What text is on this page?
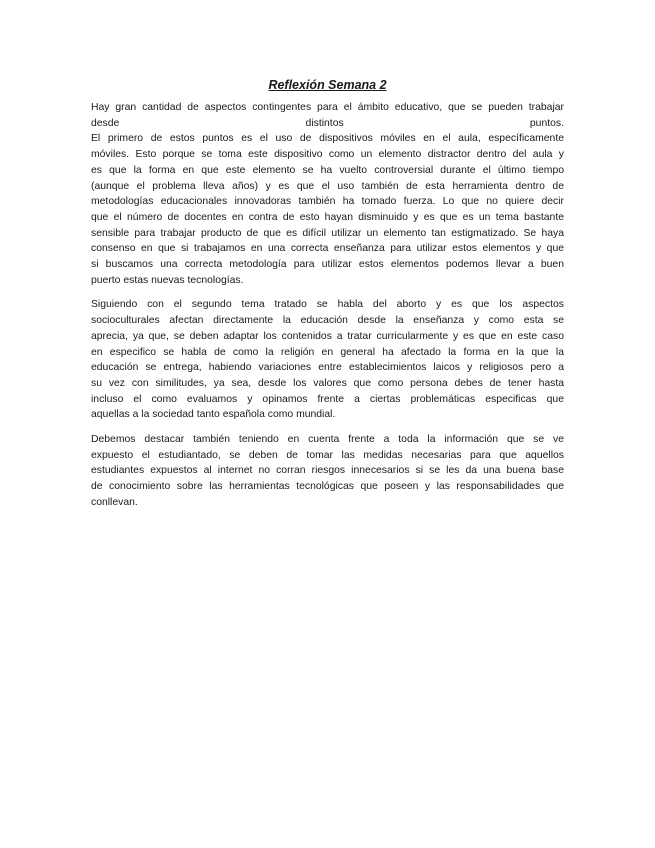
Reflexión Semana 2

Hay gran cantidad de aspectos contingentes para el ámbito educativo, que se pueden trabajar
desde distintos puntos.
El primero de estos puntos es el uso de dispositivos móviles en el aula, específicamente
móviles. Esto porque se toma este dispositivo como un elemento distractor dentro del aula y
es que la forma en que este elemento se ha vuelto controversial durante el último tiempo
(aunque el problema lleva años) y es que el uso también de esta herramienta dentro de
metodologías educacionales innovadoras también ha tomado fuerza. Lo que no quiere decir
que el número de docentes en contra de esto hayan disminuido y es que es un tema bastante
sensible para trabajar producto de que es difícil utilizar un elemento tan estigmatizado. Se haya
consenso en que si trabajamos en una correcta enseñanza para utilizar estos elementos y que
si buscamos una correcta metodología para utilizar estos elementos podemos llevar a buen
puerto estas nuevas tecnologías.

Siguiendo con el segundo tema tratado se habla del aborto y es que los aspectos
socioculturales afectan directamente la educación desde la enseñanza y como esta se
aprecia, ya que, se deben adaptar los contenidos a tratar curricularmente y es que en este caso
en especifico se habla de como la religión en general ha afectado la forma en la que la
educación se entrega, habiendo variaciones entre establecimientos laicos y religiosos pero a
su vez con similitudes, ya sea, desde los valores que como persona debes de tener hasta
incluso el como evaluamos y opinamos frente a ciertas problemáticas especificas que
aquellas a la sociedad tanto española como mundial.

Debemos destacar también teniendo en cuenta frente a toda la información que se ve
expuesto el estudiantado, se deben de tomar las medidas necesarias para que aquellos
estudiantes expuestos al internet no corran riesgos innecesarios si se les da una buena base
de conocimiento sobre las herramientas tecnológicas que poseen y las responsabilidades que
conllevan.
